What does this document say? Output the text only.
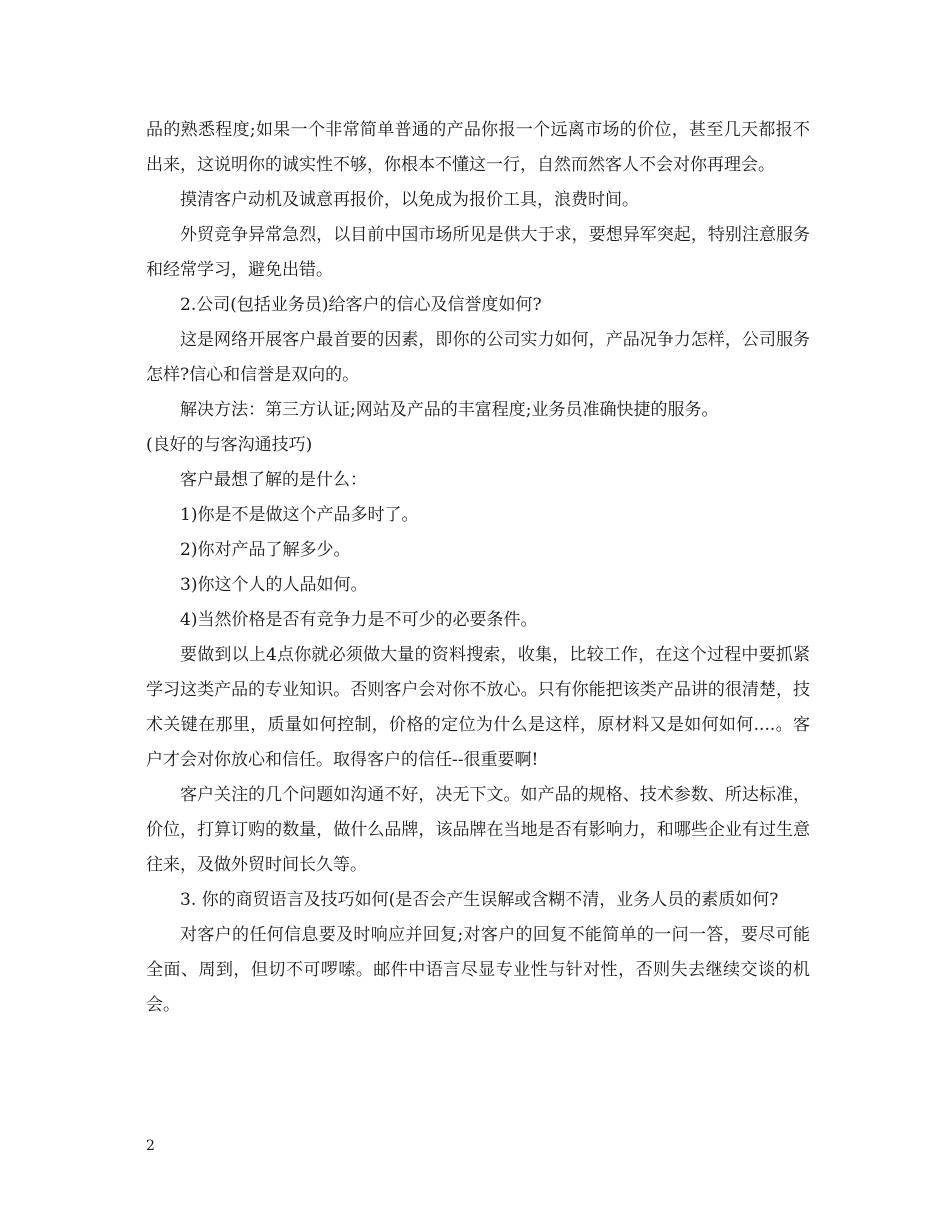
品的熟悉程度;如果一个非常简单普通的产品你报一个远离市场的价位，甚至几天都报不出来，这说明你的诚实性不够，你根本不懂这一行，自然而然客人不会对你再理会。

摸清客户动机及诚意再报价，以免成为报价工具，浪费时间。

外贸竞争异常急烈，以目前中国市场所见是供大于求，要想异军突起，特别注意服务和经常学习，避免出错。

2.公司(包括业务员)给客户的信心及信誉度如何?

这是网络开展客户最首要的因素，即你的公司实力如何，产品况争力怎样，公司服务怎样?信心和信誉是双向的。

解决方法：第三方认证;网站及产品的丰富程度;业务员准确快捷的服务。

(良好的与客沟通技巧)

客户最想了解的是什么：

1)你是不是做这个产品多时了。

2)你对产品了解多少。

3)你这个人的人品如何。

4)当然价格是否有竞争力是不可少的必要条件。

要做到以上4点你就必须做大量的资料搜索，收集，比较工作，在这个过程中要抓紧学习这类产品的专业知识。否则客户会对你不放心。只有你能把该类产品讲的很清楚，技术关键在那里，质量如何控制，价格的定位为什么是这样，原材料又是如何如何....。客户才会对你放心和信任。取得客户的信任--很重要啊!

客户关注的几个问题如沟通不好，决无下文。如产品的规格、技术参数、所达标准，价位，打算订购的数量，做什么品牌，该品牌在当地是否有影响力，和哪些企业有过生意往来，及做外贸时间长久等。

3. 你的商贸语言及技巧如何(是否会产生误解或含糊不清，业务人员的素质如何?

对客户的任何信息要及时响应并回复;对客户的回复不能简单的一问一答，要尽可能全面、周到，但切不可啰嗦。邮件中语言尽显专业性与针对性，否则失去继续交谈的机会。

2
